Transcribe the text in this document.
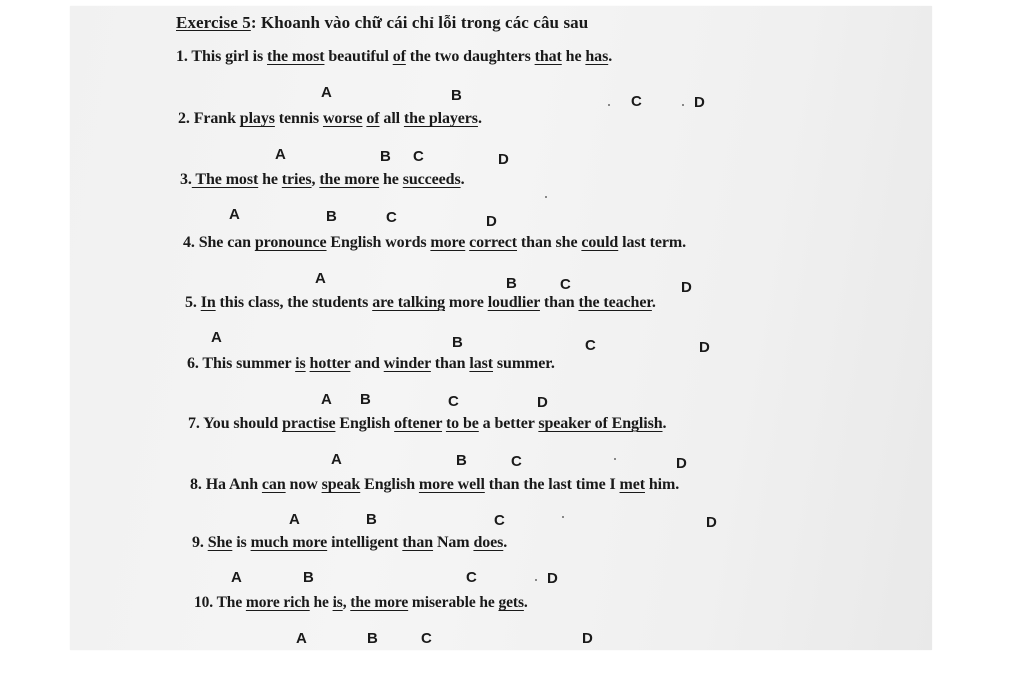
Exercise 5: Khoanh vào chữ cái chỉ lỗi trong các câu sau
1. This girl is the most beautiful of the two daughters that he has.
A	B	C	D
2. Frank plays tennis worse of all the players.
A	B C	D
3. The most he tries, the more he succeeds.
A	B	C	D
4. She can pronounce English words more correct than she could last term.
A	B	C	D
5. In this class, the students are talking more loudlier than the teacher.
A	B	C	D
6. This summer is hotter and winder than last summer.
A B	C	D
7. You should practise English oftener to be a better speaker of English.
A	B	C	D
8. Ha Anh can now speak English more well than the last time I met him.
A	B	C	D
9. She is much more intelligent than Nam does.
A	B	C	D
10. The more rich he is, the more miserable he gets.
A	B	C	D
